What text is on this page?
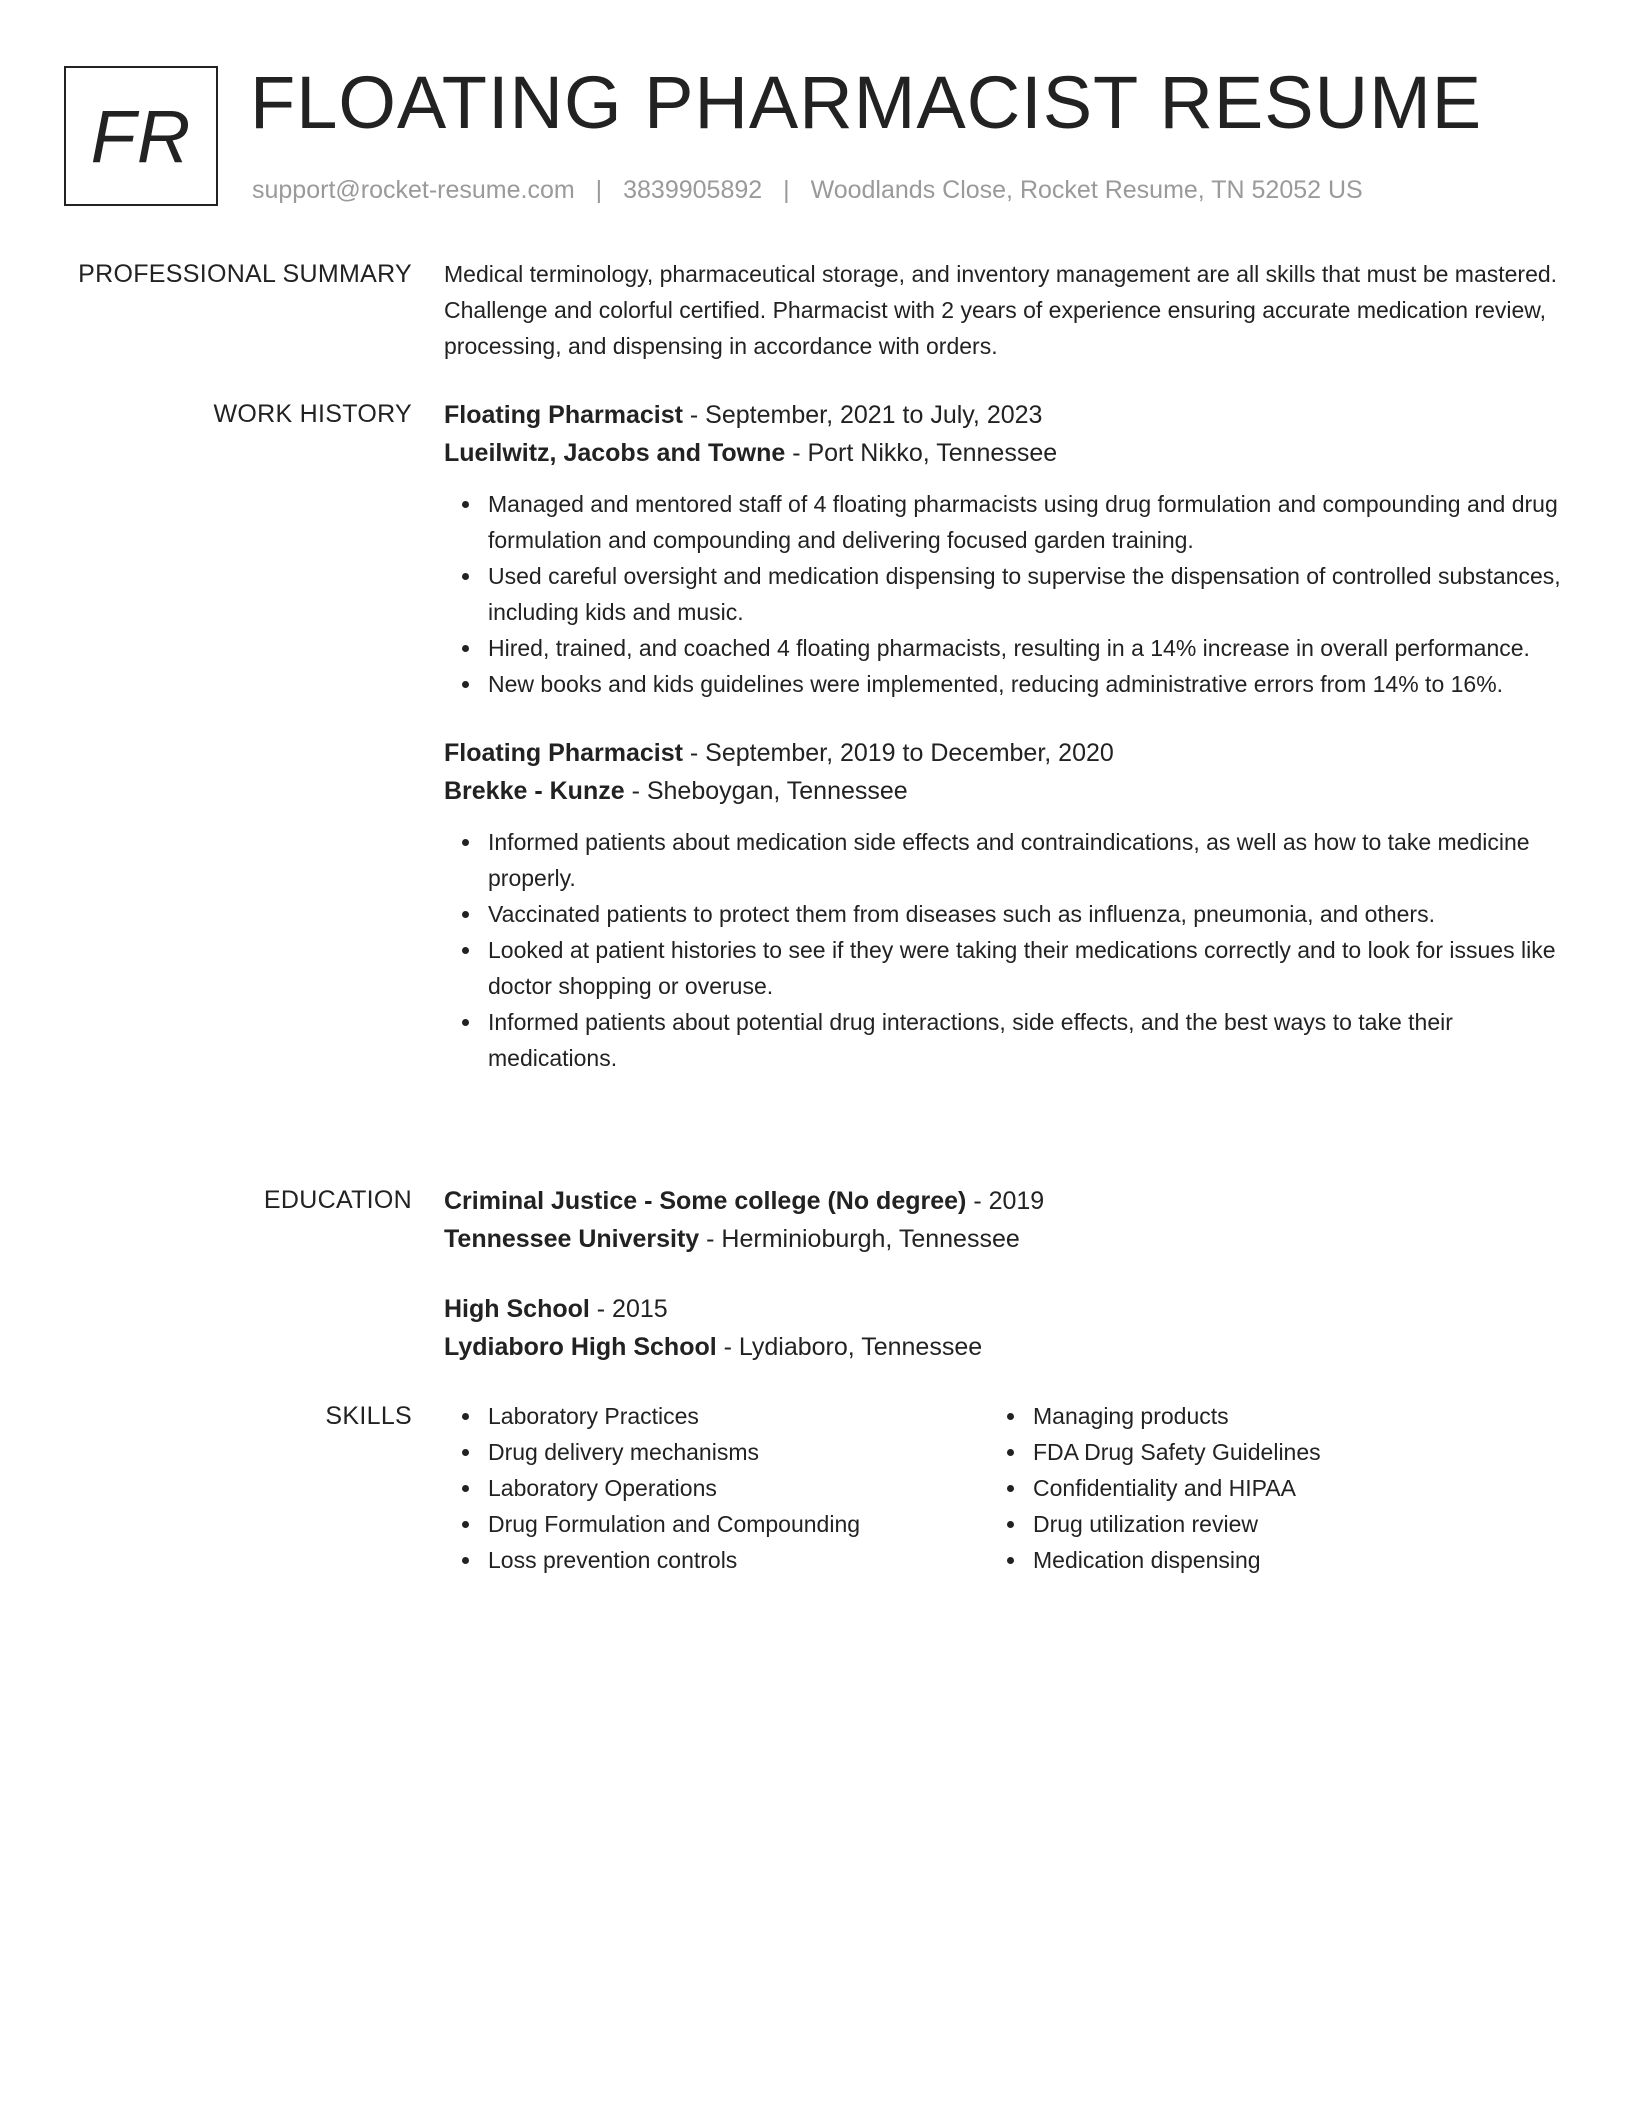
FR FLOATING PHARMACIST RESUME
support@rocket-resume.com | 3839905892 | Woodlands Close, Rocket Resume, TN 52052 US
PROFESSIONAL SUMMARY Medical terminology, pharmaceutical storage, and inventory management are all skills that must be mastered. Challenge and colorful certified. Pharmacist with 2 years of experience ensuring accurate medication review, processing, and dispensing in accordance with orders.

WORK HISTORY Floating Pharmacist - September, 2021 to July, 2023

Lueilwitz, Jacobs and Towne - Port Nikko, Tennessee

Managed and mentored staff of 4 floating pharmacists using drug formulation and compounding and drug formulation and compounding and delivering focused garden training.
Used careful oversight and medication dispensing to supervise the dispensation of controlled substances, including kids and music.
Hired, trained, and coached 4 floating pharmacists, resulting in a 14% increase in overall performance.
New books and kids guidelines were implemented, reducing administrative errors from 14% to 16%.

Floating Pharmacist - September, 2019 to December, 2020

Brekke - Kunze - Sheboygan, Tennessee

Informed patients about medication side effects and contraindications, as well as how to take medicine properly.
Vaccinated patients to protect them from diseases such as influenza, pneumonia, and others.
Looked at patient histories to see if they were taking their medications correctly and to look for issues like doctor shopping or overuse.
Informed patients about potential drug interactions, side effects, and the best ways to take their medications.
EDUCATION Criminal Justice - Some college (No degree) - 2019

Tennessee University - Herminioburgh, Tennessee

High School - 2015

Lydiaboro High School - Lydiaboro, Tennessee

SKILLS	Laboratory Practices
Drug delivery mechanisms
Laboratory Operations
Drug Formulation and Compounding
Loss prevention controls
Managing products
FDA Drug Safety Guidelines
Confidentiality and HIPAA
Drug utilization review
Medication dispensing
